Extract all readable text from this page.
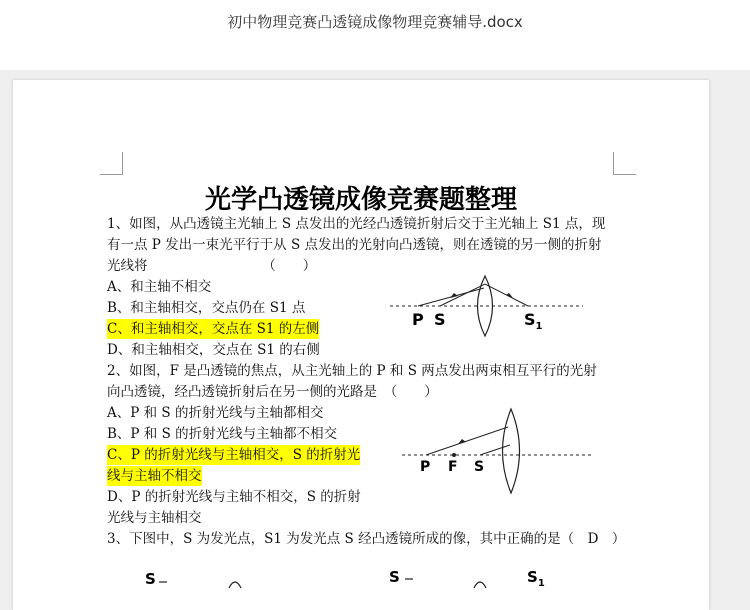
初中物理竞赛凸透镜成像物理竞赛辅导.docx
光学凸透镜成像竞赛题整理
1、如图，从凸透镜主光轴上 S 点发出的光经凸透镜折射后交于主光轴上 S1 点，现
有一点 P 发出一束光平行于从 S 点发出的光射向凸透镜，则在透镜的另一侧的折射
光线将　　　　　　　　　（　　）
A、和主轴不相交
B、和主轴相交，交点仍在 S1 点
C、和主轴相交，交点在 S1 的左侧
D、和主轴相交，交点在 S1 的右侧
P S	$S_1$
2、如图，F 是凸透镜的焦点，从主光轴上的 P 和 S 两点发出两束相互平行的光射
向凸透镜，经凸透镜折射后在另一侧的光路是　（　　）
A、P 和 S 的折射光线与主轴都相交
B、P 和 S 的折射光线与主轴都不相交
C、P 的折射光线与主轴相交，S 的折射光
线与主轴不相交
D、P 的折射光线与主轴不相交，S 的折射
光线与主轴相交
P F S
3、下图中，S 为发光点，S1 为发光点 S 经凸透镜所成的像，其中正确的是（　D　）
S	S	$S_1$
